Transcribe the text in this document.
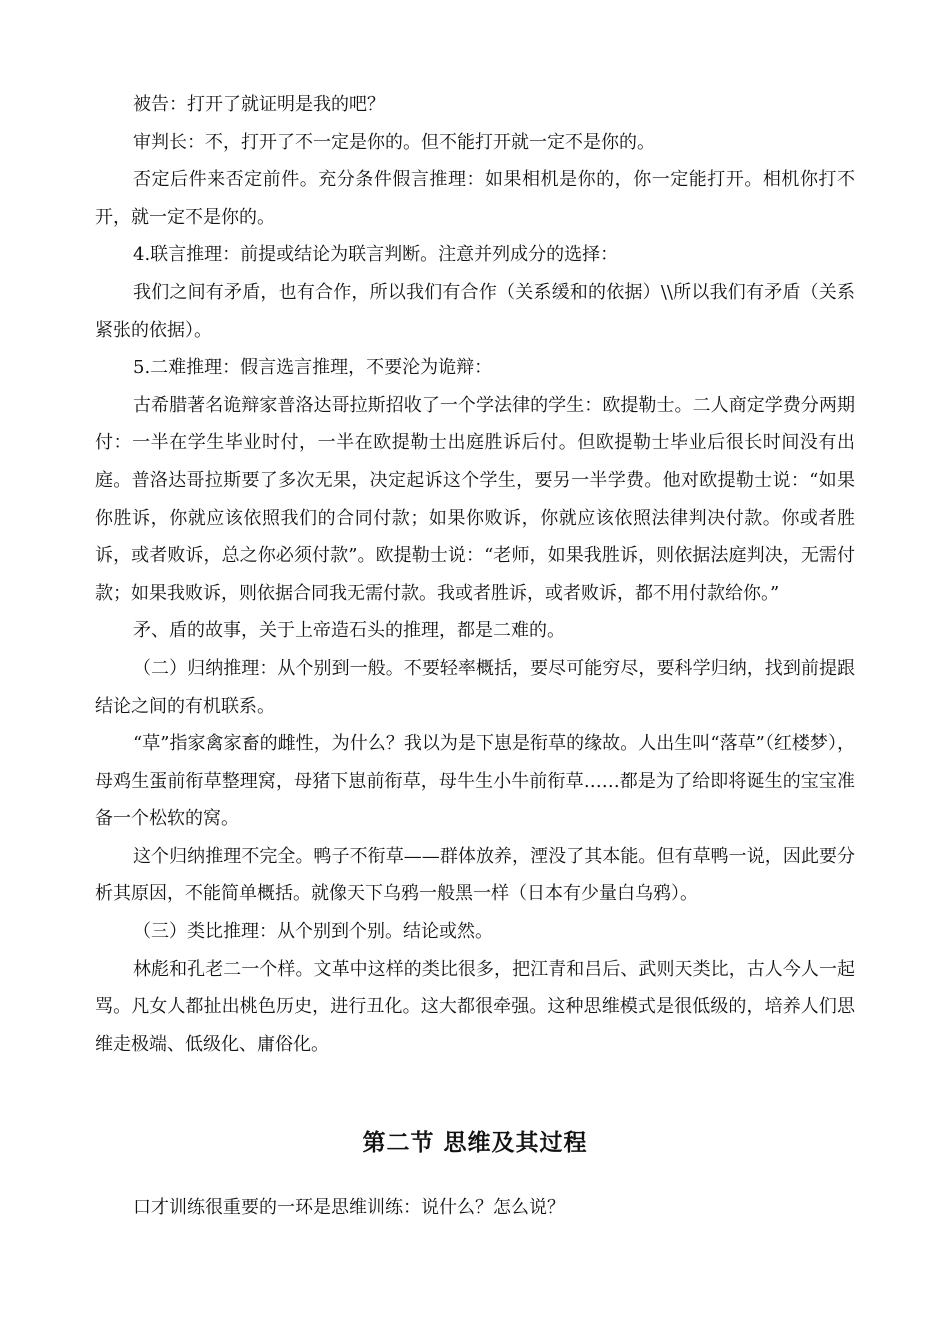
被告：打开了就证明是我的吧？

审判长：不，打开了不一定是你的。但不能打开就一定不是你的。

否定后件来否定前件。充分条件假言推理：如果相机是你的，你一定能打开。相机你打不开，就一定不是你的。

4.联言推理：前提或结论为联言判断。注意并列成分的选择：

我们之间有矛盾，也有合作，所以我们有合作（关系缓和的依据）\\所以我们有矛盾（关系紧张的依据）。

5.二难推理：假言选言推理，不要沦为诡辩：

古希腊著名诡辩家普洛达哥拉斯招收了一个学法律的学生：欧提勒士。二人商定学费分两期付：一半在学生毕业时付，一半在欧提勒士出庭胜诉后付。但欧提勒士毕业后很长时间没有出庭。普洛达哥拉斯要了多次无果，决定起诉这个学生，要另一半学费。他对欧提勒士说：“如果你胜诉，你就应该依照我们的合同付款；如果你败诉，你就应该依照法律判决付款。你或者胜诉，或者败诉，总之你必须付款”。欧提勒士说：“老师，如果我胜诉，则依据法庭判决，无需付款；如果我败诉，则依据合同我无需付款。我或者胜诉，或者败诉，都不用付款给你。”

矛、盾的故事，关于上帝造石头的推理，都是二难的。

（二）归纳推理：从个别到一般。不要轻率概括，要尽可能穷尽，要科学归纳，找到前提跟结论之间的有机联系。

“草”指家禽家畜的雌性，为什么？我以为是下崽是衔草的缘故。人出生叫“落草”（红楼梦），母鸡生蛋前衔草整理窝，母猪下崽前衔草，母牛生小牛前衔草……都是为了给即将诞生的宝宝准备一个松软的窝。

这个归纳推理不完全。鸭子不衔草——群体放养，湮没了其本能。但有草鸭一说，因此要分析其原因，不能简单概括。就像天下乌鸦一般黑一样（日本有少量白乌鸦）。

（三）类比推理：从个别到个别。结论或然。

林彪和孔老二一个样。文革中这样的类比很多，把江青和吕后、武则天类比，古人今人一起骂。凡女人都扯出桃色历史，进行丑化。这大都很牵强。这种思维模式是很低级的，培养人们思维走极端、低级化、庸俗化。

第二节 思维及其过程

口才训练很重要的一环是思维训练：说什么？怎么说？
